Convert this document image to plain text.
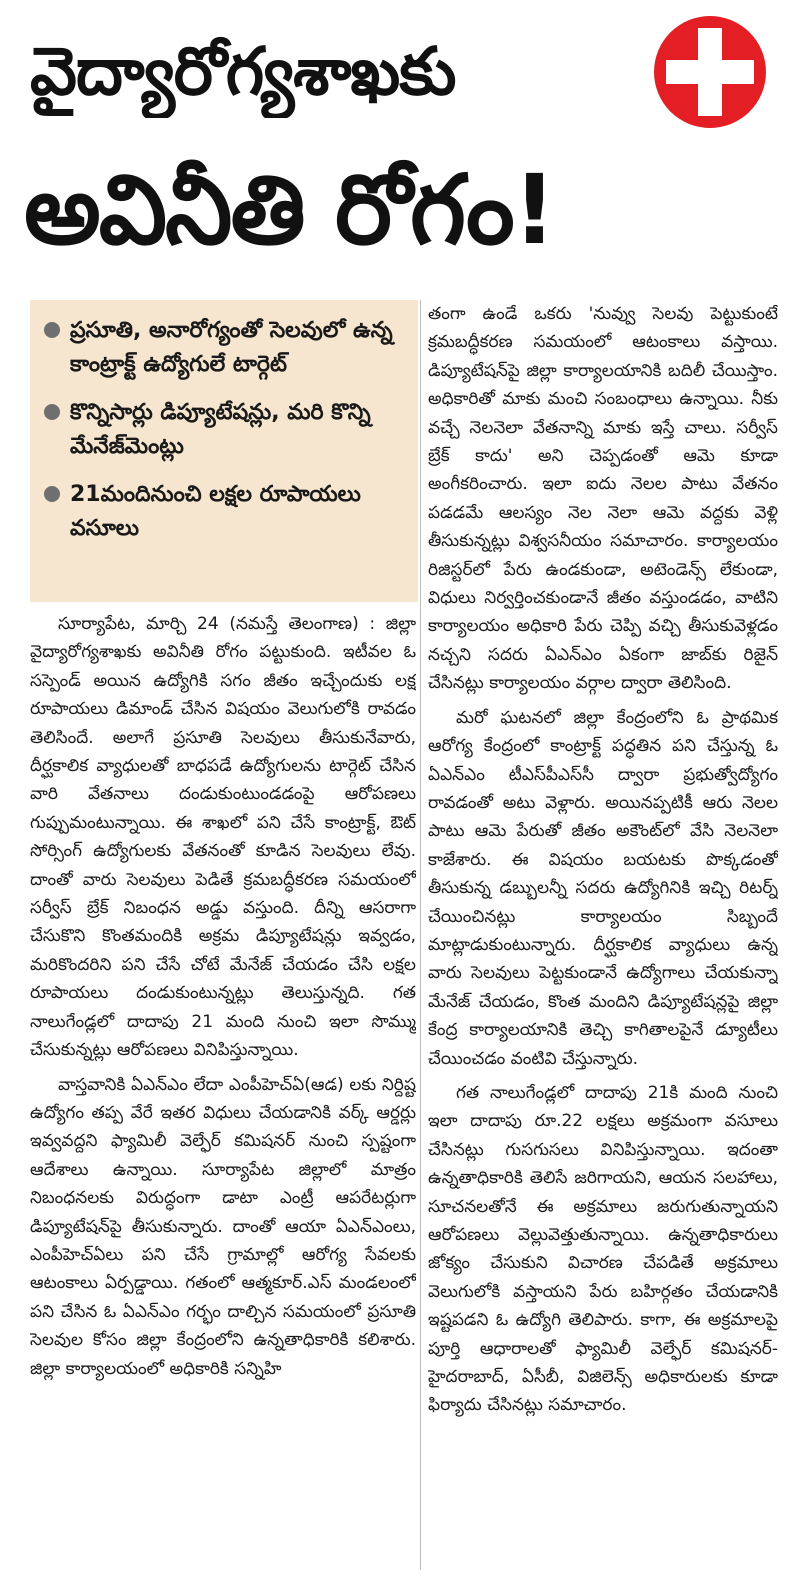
వైద్యారోగ్యశాఖకు
అవినీతి రోగం!
ప్రసూతి, అనారోగ్యంతో సెలవులో ఉన్న కాంట్రాక్ట్ ఉద్యోగులే టార్గెట్
కొన్నిసార్లు డిప్యూటేషన్లు, మరి కొన్ని మేనేజ్‌మెంట్లు
21మందినుంచి లక్షల రూపాయలు వసూలు

సూర్యాపేట, మార్చి 24 (నమస్తే తెలంగాణ) : జిల్లా వైద్యారోగ్యశాఖకు అవినీతి రోగం పట్టుకుంది. ఇటీవల ఓ సస్పెండ్ అయిన ఉద్యోగికి సగం జీతం ఇచ్చేందుకు లక్ష రూపాయలు డిమాండ్ చేసిన విషయం వెలుగులోకి రావడం తెలిసిందే. అలాగే ప్రసూతి సెలవులు తీసుకునేవారు, దీర్ఘకాలిక వ్యాధులతో బాధపడే ఉద్యోగులను టార్గెట్ చేసిన వారి వేతనాలు దండుకుంటుండడంపై ఆరోపణలు గుప్పుమంటున్నాయి. ఈ శాఖలో పని చేసే కాంట్రాక్ట్, ఔట్ సోర్సింగ్ ఉద్యోగులకు వేతనంతో కూడిన సెలవులు లేవు. దాంతో వారు సెలవులు పెడితే క్రమబద్ధీకరణ సమయంలో సర్వీస్ బ్రేక్ నిబంధన అడ్డు వస్తుంది. దీన్ని ఆసరాగా చేసుకొని కొంతమందికి అక్రమ డిప్యూటేషన్లు ఇవ్వడం, మరికొందరిని పని చేసే చోటే మేనేజ్ చేయడం చేసి లక్షల రూపాయలు దండుకుంటున్నట్లు తెలుస్తున్నది. గత నాలుగేండ్లలో దాదాపు 21 మంది నుంచి ఇలా సొమ్ము చేసుకున్నట్లు ఆరోపణలు వినిపిస్తున్నాయి.

వాస్తవానికి ఏఎన్ఎం లేదా ఎంపీహెచ్ఏ(ఆడ) లకు నిర్దిష్ట ఉద్యోగం తప్ప వేరే ఇతర విధులు చేయడానికి వర్క్ ఆర్డర్లు ఇవ్వవద్దని ఫ్యామిలీ వెల్ఫేర్ కమిషనర్ నుంచి స్పష్టంగా ఆదేశాలు ఉన్నాయి. సూర్యాపేట జిల్లాలో మాత్రం నిబంధనలకు విరుద్ధంగా డాటా ఎంట్రీ ఆపరేటర్లుగా డిప్యూటేషన్‌పై తీసుకున్నారు. దాంతో ఆయా ఏఎన్ఎంలు, ఎంపీహెచ్ఏలు పని చేసే గ్రామాల్లో ఆరోగ్య సేవలకు ఆటంకాలు ఏర్పడ్డాయి. గతంలో ఆత్మకూర్.ఎస్ మండలంలో పని చేసిన ఓ ఏఎన్ఎం గర్భం దాల్చిన సమయంలో ప్రసూతి సెలవుల కోసం జిల్లా కేంద్రంలోని ఉన్నతాధికారికి కలిశారు. జిల్లా కార్యాలయంలో అధికారికి సన్నిహి

తంగా ఉండే ఒకరు 'నువ్వు సెలవు పెట్టుకుంటే క్రమబద్ధీకరణ సమయంలో ఆటంకాలు వస్తాయి. డిప్యూటేషన్‌పై జిల్లా కార్యాలయానికి బదిలీ చేయిస్తాం. అధికారితో మాకు మంచి సంబంధాలు ఉన్నాయి. నీకు వచ్చే నెలనెలా వేతనాన్ని మాకు ఇస్తే చాలు. సర్వీస్ బ్రేక్ కాదు' అని చెప్పడంతో ఆమె కూడా అంగీకరించారు. ఇలా ఐదు నెలల పాటు వేతనం పడడమే ఆలస్యం నెల నెలా ఆమె వద్దకు వెళ్లి తీసుకున్నట్లు విశ్వసనీయం సమాచారం. కార్యాలయం రిజిస్టర్‌లో పేరు ఉండకుండా, అటెండెన్స్ లేకుండా, విధులు నిర్వర్తించకుండానే జీతం వస్తుండడం, వాటిని కార్యాలయం అధికారి పేరు చెప్పి వచ్చి తీసుకువెళ్లడం నచ్చని సదరు ఏఎన్ఎం ఏకంగా జాబ్‌కు రిజైన్ చేసినట్లు కార్యాలయం వర్గాల ద్వారా తెలిసింది.

మరో ఘటనలో జిల్లా కేంద్రంలోని ఓ ప్రాథమిక ఆరోగ్య కేంద్రంలో కాంట్రాక్ట్ పద్ధతిన పని చేస్తున్న ఓ ఏఎన్ఎం టీఎస్‌పీఎస్‌సీ ద్వారా ప్రభుత్వోద్యోగం రావడంతో అటు వెళ్లారు. అయినప్పటికీ ఆరు నెలల పాటు ఆమె పేరుతో జీతం అకౌంట్‌లో వేసి నెలనెలా కాజేశారు. ఈ విషయం బయటకు పొక్కడంతో తీసుకున్న డబ్బులన్నీ సదరు ఉద్యోగినికి ఇచ్చి రిటర్న్ చేయించినట్లు కార్యాలయం సిబ్బందే మాట్లాడుకుంటున్నారు. దీర్ఘకాలిక వ్యాధులు ఉన్న వారు సెలవులు పెట్టకుండానే ఉద్యోగాలు చేయకున్నా మేనేజ్ చేయడం, కొంత మందిని డిప్యూటేషన్లపై జిల్లా కేంద్ర కార్యాలయానికి తెచ్చి కాగితాలపైనే డ్యూటీలు చేయించడం వంటివి చేస్తున్నారు.

గత నాలుగేండ్లలో దాదాపు 21కి మంది నుంచి ఇలా దాదాపు రూ.22 లక్షలు అక్రమంగా వసూలు చేసినట్లు గుసగుసలు వినిపిస్తున్నాయి. ఇదంతా ఉన్నతాధికారికి తెలిసే జరిగాయని, ఆయన సలహాలు, సూచనలతోనే ఈ అక్రమాలు జరుగుతున్నాయని ఆరోపణలు వెల్లువెత్తుతున్నాయి. ఉన్నతాధికారులు జోక్యం చేసుకుని విచారణ చేపడితే అక్రమాలు వెలుగులోకి వస్తాయని పేరు బహిర్గతం చేయడానికి ఇష్టపడని ఓ ఉద్యోగి తెలిపారు. కాగా, ఈ అక్రమాలపై పూర్తి ఆధారాలతో ఫ్యామిలీ వెల్ఫేర్ కమిషనర్-హైదరాబాద్, ఏసీబీ, విజిలెన్స్ అధికారులకు కూడా ఫిర్యాదు చేసినట్లు సమాచారం.
